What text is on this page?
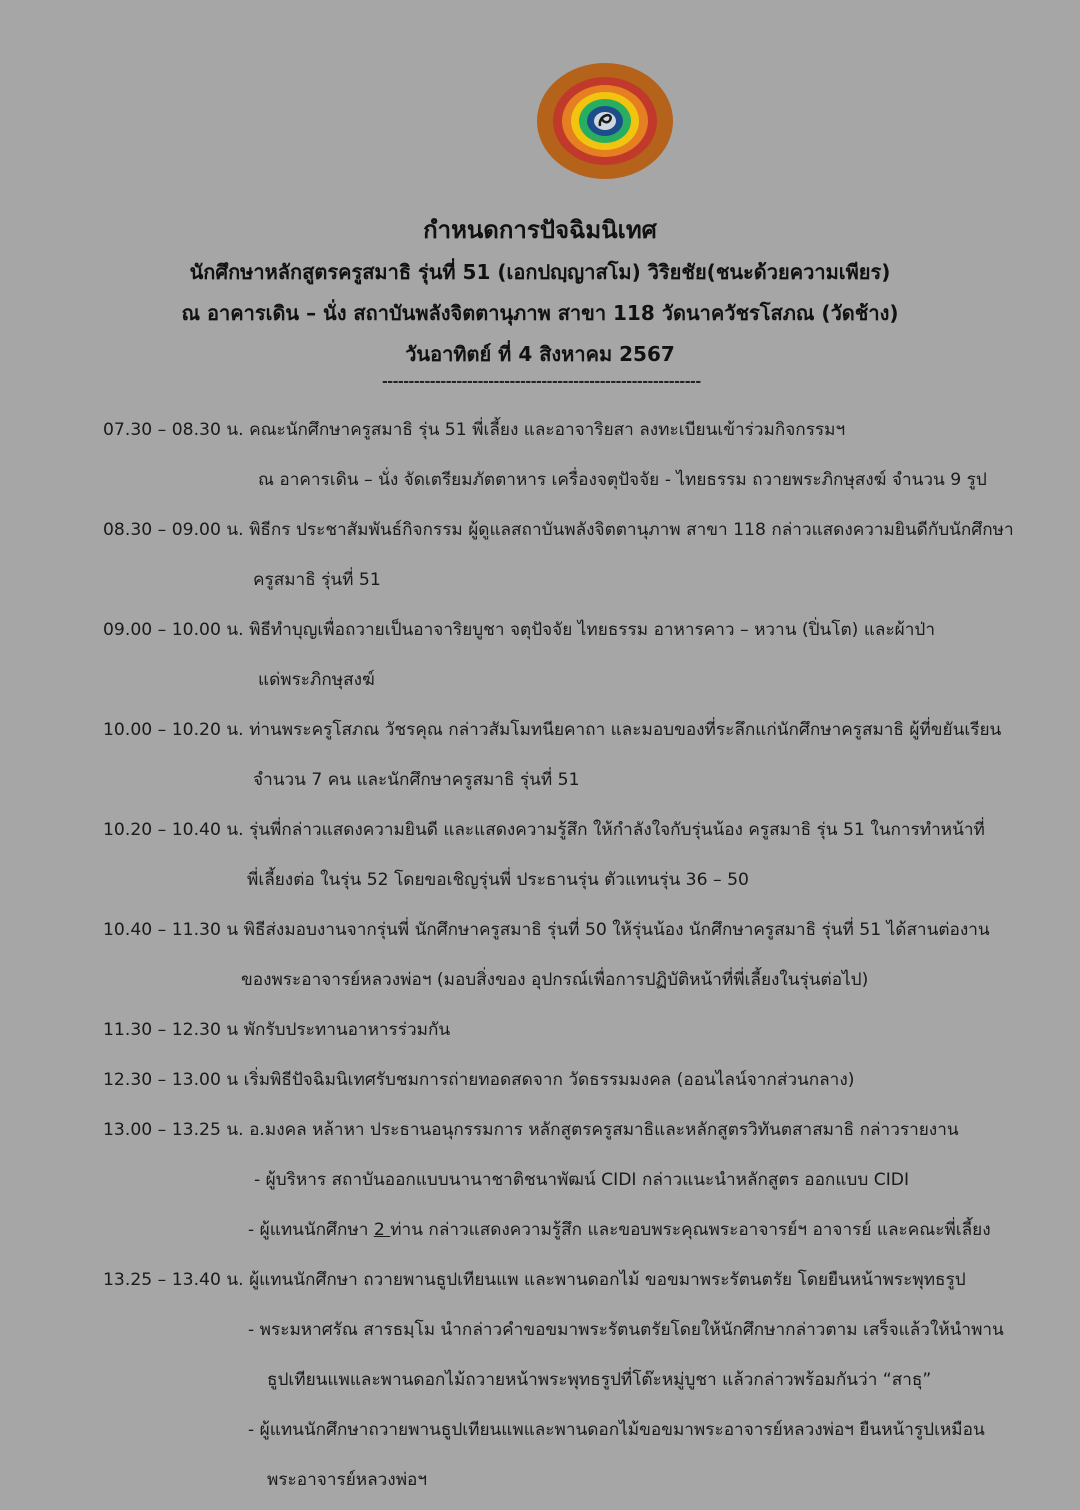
กำหนดการปัจฉิมนิเทศ
นักศึกษาหลักสูตรครูสมาธิ รุ่นที่ 51 (เอกปญฺญาสโม) วิริยชัย(ชนะด้วยความเพียร)
ณ อาคารเดิน – นั่ง สถาบันพลังจิตตานุภาพ สาขา 118 วัดนาควัชรโสภณ (วัดช้าง)
วันอาทิตย์ ที่ 4 สิงหาคม 2567
------------------------------------------------------------
07.30 – 08.30 น. คณะนักศึกษาครูสมาธิ รุ่น 51 พี่เลี้ยง และอาจาริยสา ลงทะเบียนเข้าร่วมกิจกรรมฯ
ณ อาคารเดิน – นั่ง จัดเตรียมภัตตาหาร เครื่องจตุปัจจัย - ไทยธรรม ถวายพระภิกษุสงฆ์ จำนวน 9 รูป
08.30 – 09.00 น. พิธีกร ประชาสัมพันธ์กิจกรรม ผู้ดูแลสถาบันพลังจิตตานุภาพ สาขา 118 กล่าวแสดงความยินดีกับนักศึกษา
ครูสมาธิ รุ่นที่ 51
09.00 – 10.00 น. พิธีทำบุญเพื่อถวายเป็นอาจาริยบูชา จตุปัจจัย ไทยธรรม อาหารคาว – หวาน (ปิ่นโต) และผ้าป่า
แด่พระภิกษุสงฆ์
10.00 – 10.20 น. ท่านพระครูโสภณ วัชรคุณ กล่าวสัมโมทนียคาถา และมอบของที่ระลึกแก่นักศึกษาครูสมาธิ ผู้ที่ขยันเรียน
จำนวน 7 คน และนักศึกษาครูสมาธิ รุ่นที่ 51
10.20 – 10.40 น. รุ่นพี่กล่าวแสดงความยินดี และแสดงความรู้สึก ให้กำลังใจกับรุ่นน้อง ครูสมาธิ รุ่น 51 ในการทำหน้าที่
พี่เลี้ยงต่อ ในรุ่น 52 โดยขอเชิญรุ่นพี่ ประธานรุ่น ตัวแทนรุ่น 36 – 50
10.40 – 11.30 น พิธีส่งมอบงานจากรุ่นพี่ นักศึกษาครูสมาธิ รุ่นที่ 50 ให้รุ่นน้อง นักศึกษาครูสมาธิ รุ่นที่ 51 ได้สานต่องาน
ของพระอาจารย์หลวงพ่อฯ (มอบสิ่งของ อุปกรณ์เพื่อการปฏิบัติหน้าที่พี่เลี้ยงในรุ่นต่อไป)
11.30 – 12.30 น พักรับประทานอาหารร่วมกัน
12.30 – 13.00 น เริ่มพิธีปัจฉิมนิเทศรับชมการถ่ายทอดสดจาก วัดธรรมมงคล (ออนไลน์จากส่วนกลาง)
13.00 – 13.25 น. อ.มงคล หล้าหา ประธานอนุกรรมการ หลักสูตรครูสมาธิและหลักสูตรวิทันตสาสมาธิ กล่าวรายงาน
- ผู้บริหาร สถาบันออกแบบนานาชาติชนาพัฒน์ CIDI กล่าวแนะนำหลักสูตร ออกแบบ CIDI
- ผู้แทนนักศึกษา 2 ท่าน กล่าวแสดงความรู้สึก และขอบพระคุณพระอาจารย์ฯ อาจารย์ และคณะพี่เลี้ยง
13.25 – 13.40 น. ผู้แทนนักศึกษา ถวายพานธูปเทียนแพ และพานดอกไม้ ขอขมาพระรัตนตรัย โดยยืนหน้าพระพุทธรูป
- พระมหาศรัณ สารธมฺโม นำกล่าวคำขอขมาพระรัตนตรัยโดยให้นักศึกษากล่าวตาม เสร็จแล้วให้นำพาน
ธูปเทียนแพและพานดอกไม้ถวายหน้าพระพุทธรูปที่โต๊ะหมู่บูชา แล้วกล่าวพร้อมกันว่า “สาธุ”
- ผู้แทนนักศึกษาถวายพานธูปเทียนแพและพานดอกไม้ขอขมาพระอาจารย์หลวงพ่อฯ ยืนหน้ารูปเหมือน
พระอาจารย์หลวงพ่อฯ
